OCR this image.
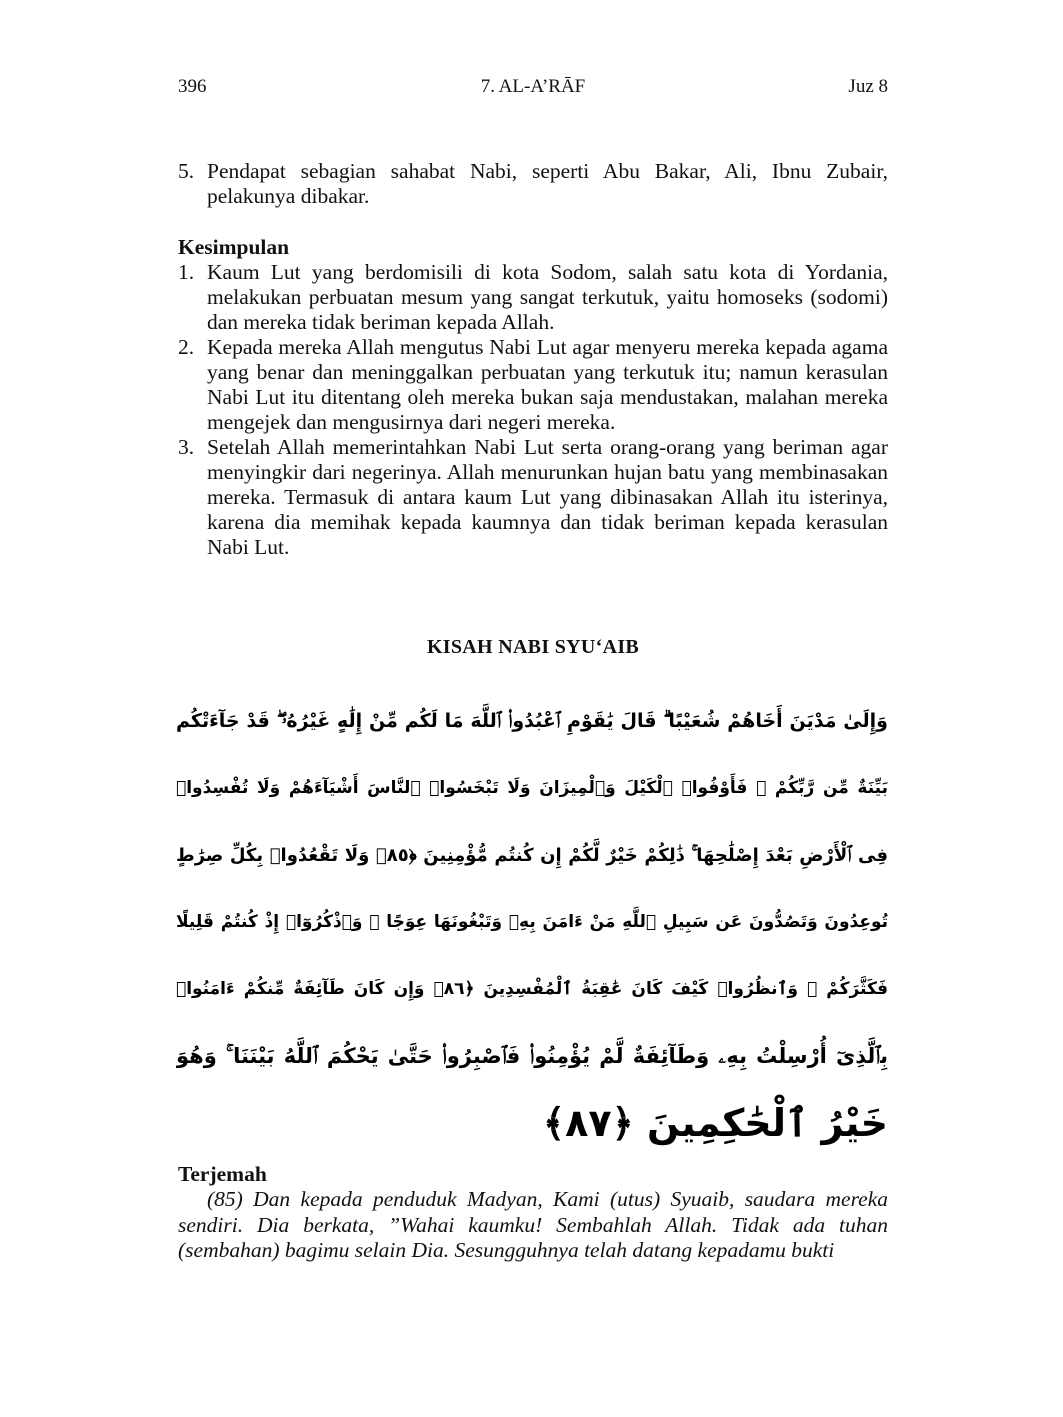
396	7. AL-A’RĀF	Juz 8
5. Pendapat sebagian sahabat Nabi, seperti Abu Bakar, Ali, Ibnu Zubair, pelakunya dibakar.
Kesimpulan
1. Kaum Lut yang berdomisili di kota Sodom, salah satu kota di Yordania, melakukan perbuatan mesum yang sangat terkutuk, yaitu homoseks (sodomi) dan mereka tidak beriman kepada Allah.
2. Kepada mereka Allah mengutus Nabi Lut agar menyeru mereka kepada agama yang benar dan meninggalkan perbuatan yang terkutuk itu; namun kerasulan Nabi Lut itu ditentang oleh mereka bukan saja mendustakan, malahan mereka mengejek dan mengusirnya dari negeri mereka.
3. Setelah Allah memerintahkan Nabi Lut serta orang-orang yang beriman agar menyingkir dari negerinya. Allah menurunkan hujan batu yang membinasakan mereka. Termasuk di antara kaum Lut yang dibinasakan Allah itu isterinya, karena dia memihak kepada kaumnya dan tidak beriman kepada kerasulan Nabi Lut.
KISAH NABI SYU‘AIB
وَإِلَىٰ مَدْيَنَ أَخَاهُمْ شُعَيْبًا ۗ قَالَ يَٰقَوْمِ ٱعْبُدُوا۟ ٱللَّهَ مَا لَكُم مِّنْ إِلَٰهٍ غَيْرُهُۥ ۖ قَدْ جَآءَتْكُم
بَيِّنَةٌ مِّن رَّبِّكُمْ ۖ فَأَوْفُوا۟ ٱلْكَيْلَ وَٱلْمِيزَانَ وَلَا تَبْخَسُوا۟ ٱلنَّاسَ أَشْيَآءَهُمْ وَلَا تُفْسِدُوا۟
فِى ٱلْأَرْضِ بَعْدَ إِصْلَٰحِهَا ۚ ذَٰلِكُمْ خَيْرٌ لَّكُمْ إِن كُنتُم مُّؤْمِنِينَ ﴿٨٥﴾ وَلَا تَقْعُدُوا۟ بِكُلِّ صِرَٰطٍ
تُوعِدُونَ وَتَصُدُّونَ عَن سَبِيلِ ٱللَّهِ مَنْ ءَامَنَ بِهِۦ وَتَبْغُونَهَا عِوَجًا ۚ وَٱذْكُرُوٓا۟ إِذْ كُنتُمْ قَلِيلًا
فَكَثَّرَكُمْ ۖ وَٱنظُرُوا۟ كَيْفَ كَانَ عَٰقِبَةُ ٱلْمُفْسِدِينَ ﴿٨٦﴾ وَإِن كَانَ طَآئِفَةٌ مِّنكُمْ ءَامَنُوا۟
بِٱلَّذِىٓ أُرْسِلْتُ بِهِۦ وَطَآئِفَةٌ لَّمْ يُؤْمِنُوا۟ فَٱصْبِرُوا۟ حَتَّىٰ يَحْكُمَ ٱللَّهُ بَيْنَنَا ۚ وَهُوَ
خَيْرُ ٱلْحَٰكِمِينَ ﴿٨٧﴾
Terjemah
(85) Dan kepada penduduk Madyan, Kami (utus) Syuaib, saudara mereka sendiri. Dia berkata, ”Wahai kaumku! Sembahlah Allah. Tidak ada tuhan (sembahan) bagimu selain Dia. Sesungguhnya telah datang kepadamu bukti
